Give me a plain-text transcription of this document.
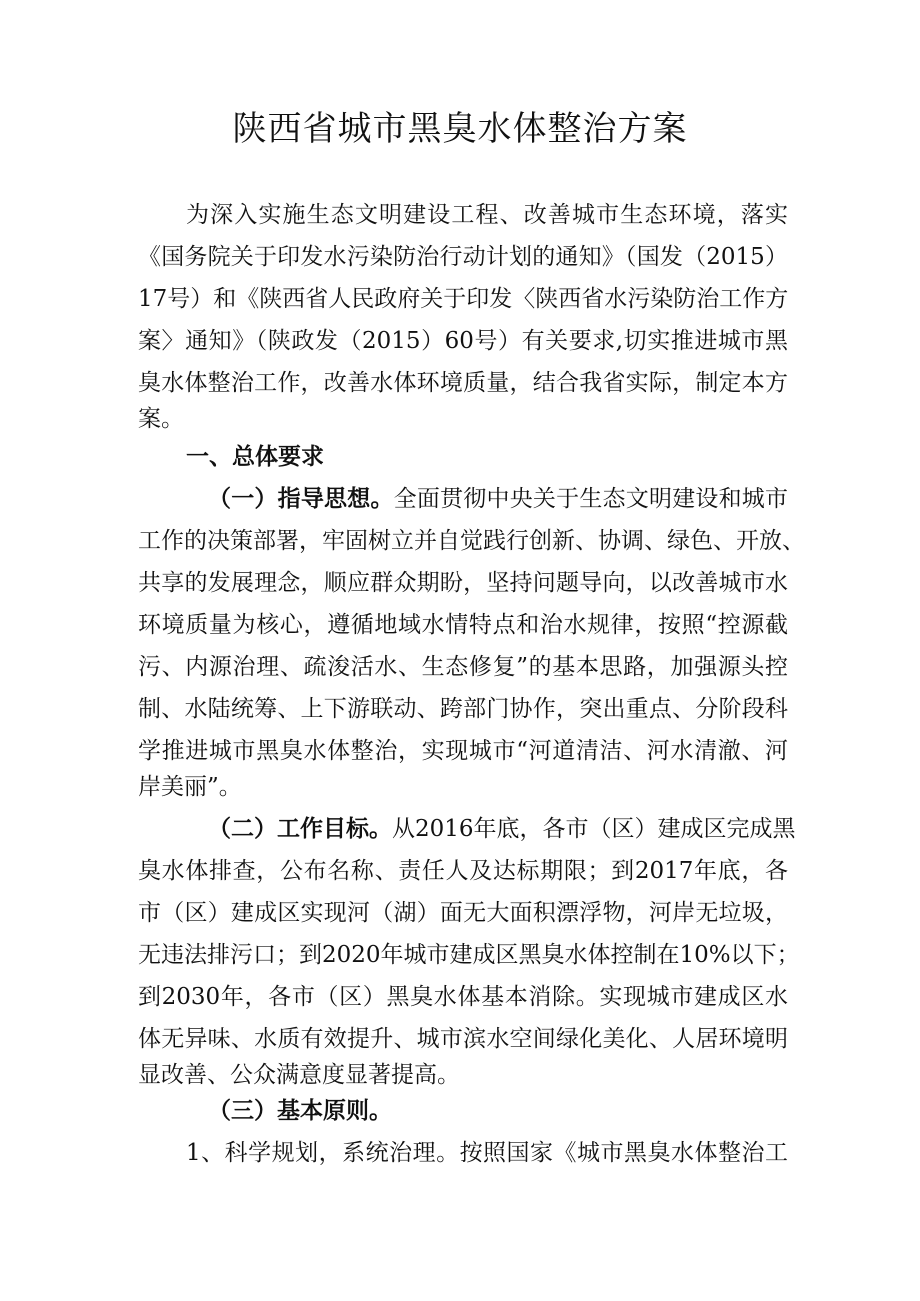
陕西省城市黑臭水体整治方案
为深入实施生态文明建设工程、改善城市生态环境，落实
《国务院关于印发水污染防治行动计划的通知》（国发（2015）
17号）和《陕西省人民政府关于印发〈陕西省水污染防治工作方
案〉通知》（陕政发（2015）60号）有关要求,切实推进城市黑
臭水体整治工作，改善水体环境质量，结合我省实际，制定本方
案。
一、总体要求
（一）指导思想。全面贯彻中央关于生态文明建设和城市
工作的决策部署，牢固树立并自觉践行创新、协调、绿色、开放、
共享的发展理念，顺应群众期盼，坚持问题导向，以改善城市水
环境质量为核心，遵循地域水情特点和治水规律，按照“控源截
污、内源治理、疏浚活水、生态修复”的基本思路，加强源头控
制、水陆统筹、上下游联动、跨部门协作，突出重点、分阶段科
学推进城市黑臭水体整治，实现城市“河道清洁、河水清澈、河
岸美丽”。
（二）工作目标。从2016年底，各市（区）建成区完成黑
臭水体排查，公布名称、责任人及达标期限；到2017年底，各
市（区）建成区实现河（湖）面无大面积漂浮物，河岸无垃圾，
无违法排污口；到2020年城市建成区黑臭水体控制在10%以下；
到2030年，各市（区）黑臭水体基本消除。实现城市建成区水
体无异味、水质有效提升、城市滨水空间绿化美化、人居环境明
显改善、公众满意度显著提高。
（三）基本原则。
1、科学规划，系统治理。按照国家《城市黑臭水体整治工
